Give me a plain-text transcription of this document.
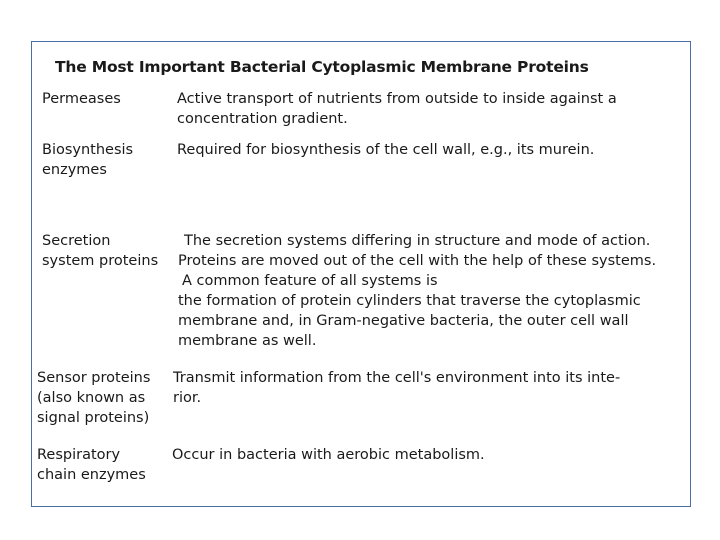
The Most Important Bacterial Cytoplasmic Membrane Proteins
Permeases	Active transport of nutrients from outside to inside against a
concentration gradient.
Biosynthesis
enzymes
Required for biosynthesis of the cell wall, e.g., its murein.
Secretion
system proteins
The secretion systems differing in structure and mode of action.
Proteins are moved out of the cell with the help of these systems.
A common feature of all systems is
the formation of protein cylinders that traverse the cytoplasmic
membrane and, in Gram-negative bacteria, the outer cell wall
membrane as well.
Sensor proteins
(also known as
signal proteins)
Transmit information from the cell's environment into its inte-
rior.
Respiratory
chain enzymes
Occur in bacteria with aerobic metabolism.
